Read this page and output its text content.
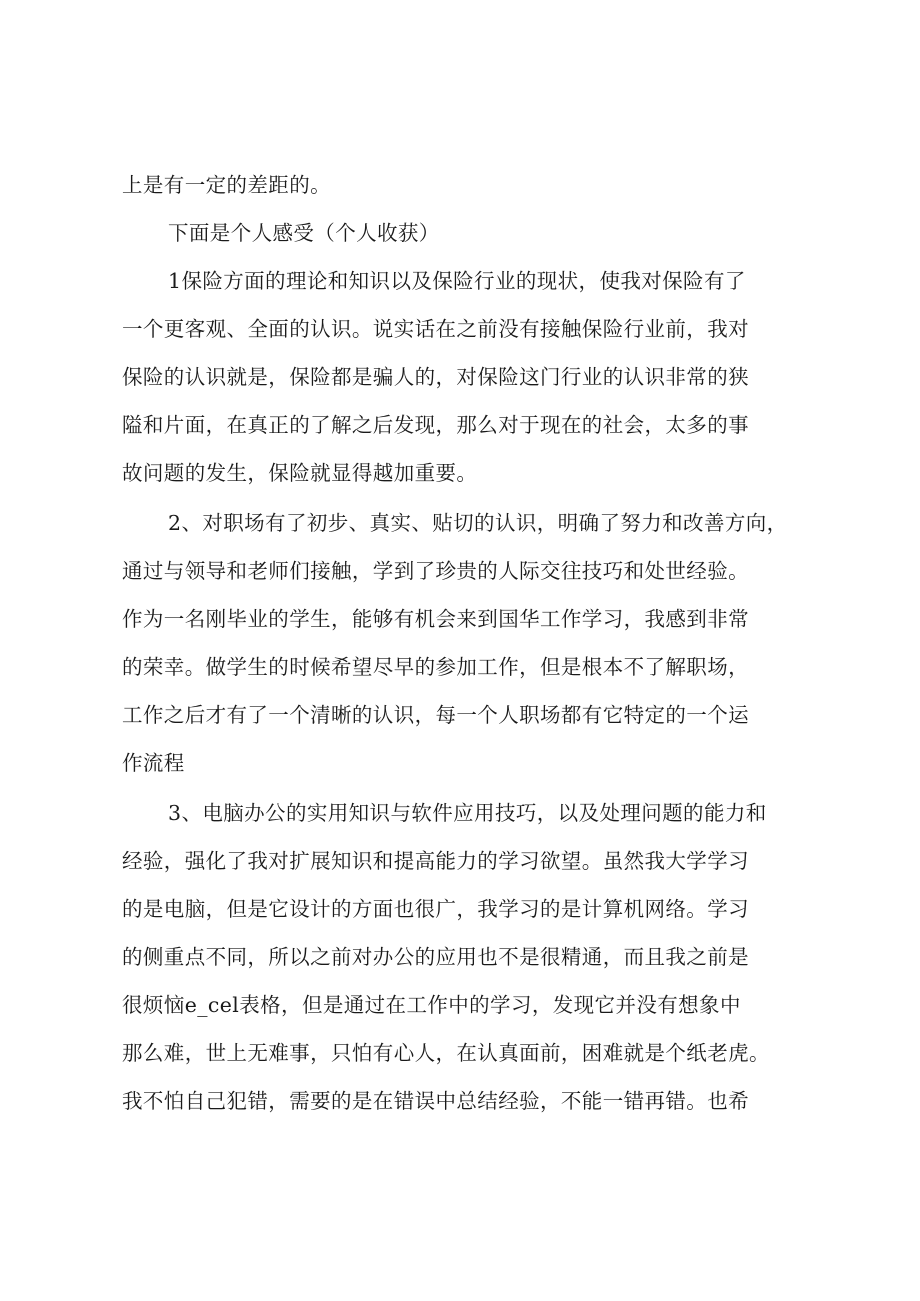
上是有一定的差距的。

下面是个人感受（个人收获）

1保险方面的理论和知识以及保险行业的现状，使我对保险有了

一个更客观、全面的认识。说实话在之前没有接触保险行业前，我对

保险的认识就是，保险都是骗人的，对保险这门行业的认识非常的狭

隘和片面，在真正的了解之后发现，那么对于现在的社会，太多的事

故问题的发生，保险就显得越加重要。

2、对职场有了初步、真实、贴切的认识，明确了努力和改善方向，

通过与领导和老师们接触，学到了珍贵的人际交往技巧和处世经验。

作为一名刚毕业的学生，能够有机会来到国华工作学习，我感到非常

的荣幸。做学生的时候希望尽早的参加工作，但是根本不了解职场，

工作之后才有了一个清晰的认识，每一个人职场都有它特定的一个运

作流程

3、电脑办公的实用知识与软件应用技巧，以及处理问题的能力和

经验，强化了我对扩展知识和提高能力的学习欲望。虽然我大学学习

的是电脑，但是它设计的方面也很广，我学习的是计算机网络。学习

的侧重点不同，所以之前对办公的应用也不是很精通，而且我之前是

很烦恼e_cel表格，但是通过在工作中的学习，发现它并没有想象中

那么难，世上无难事，只怕有心人，在认真面前，困难就是个纸老虎。

我不怕自己犯错，需要的是在错误中总结经验，不能一错再错。也希
